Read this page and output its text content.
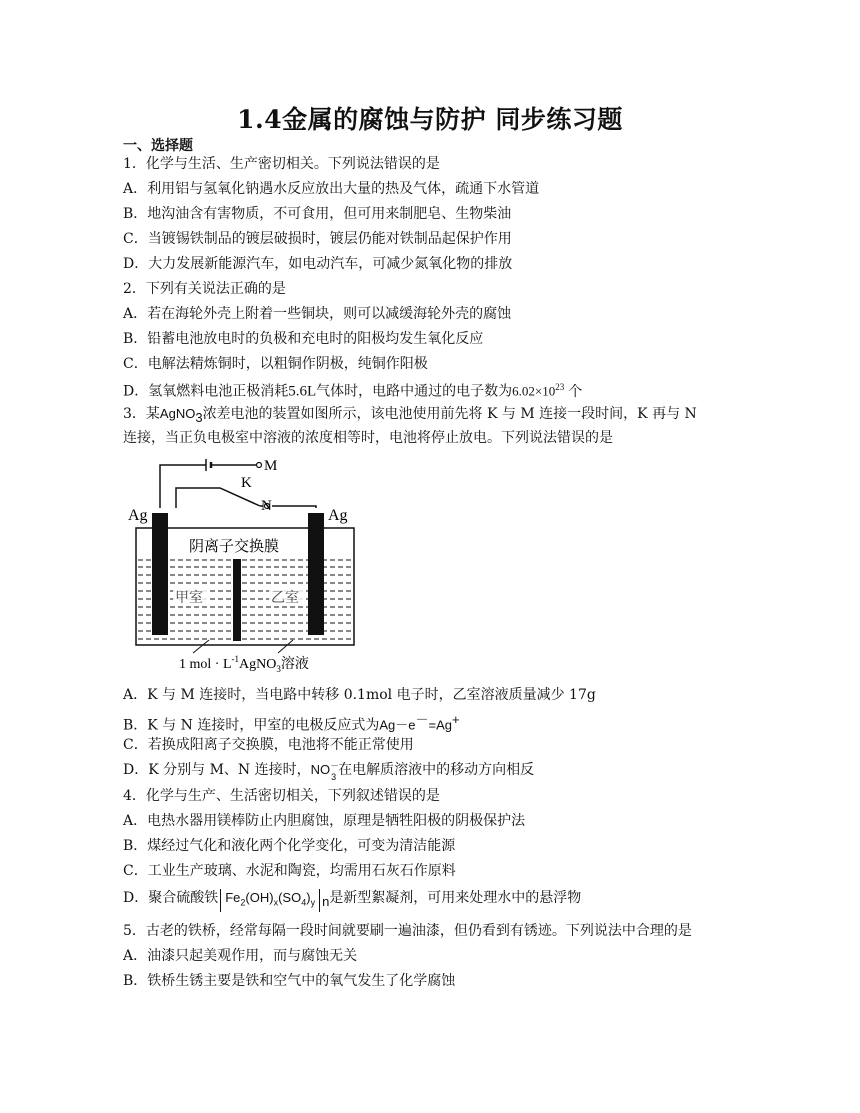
1.4金属的腐蚀与防护 同步练习题
一、选择题
1．化学与生活、生产密切相关。下列说法错误的是
A．利用铝与氢氧化钠遇水反应放出大量的热及气体，疏通下水管道
B．地沟油含有害物质，不可食用，但可用来制肥皂、生物柴油
C．当镀锡铁制品的镀层破损时，镀层仍能对铁制品起保护作用
D．大力发展新能源汽车，如电动汽车，可减少氮氧化物的排放
2．下列有关说法正确的是
A．若在海轮外壳上附着一些铜块，则可以减缓海轮外壳的腐蚀
B．铅蓄电池放电时的负极和充电时的阳极均发生氧化反应
C．电解法精炼铜时，以粗铜作阴极，纯铜作阳极
D．氢氧燃料电池正极消耗5.6L气体时，电路中通过的电子数为$6.02\times 10^{23}$ 个
3．某AgNO$_3$浓差电池的装置如图所示，该电池使用前先将 K 与 M 连接一段时间，K 再与 N
连接，当正负电极室中溶液的浓度相等时，电池将停止放电。下列说法错误的是
M
K
N
Ag	Ag
阴离子交换膜
甲室	乙室
1 mol · $L^{-1}AgNO_3$溶液
A．K 与 M 连接时，当电路中转移 0.1mol 电子时，乙室溶液质量减少 17g
B．K 与 N 连接时，甲室的电极反应式为Ag－e－=Ag+
C．若换成阳离子交换膜，电池将不能正常使用
D．K 分别与 M、N 连接时，NO －
3 在电解质溶液中的移动方向相反
4．化学与生产、生活密切相关，下列叙述错误的是
A．电热水器用镁棒防止内胆腐蚀，原理是牺牲阳极的阴极保护法
B．煤经过气化和液化两个化学变化，可变为清洁能源
C．工业生产玻璃、水泥和陶瓷，均需用石灰石作原料
D．聚合硫酸铁 $Fe_2(OH)_x(SO_4)_y$ $_n$是新型絮凝剂，可用来处理水中的悬浮物
5．古老的铁桥，经常每隔一段时间就要刷一遍油漆，但仍看到有锈迹。下列说法中合理的是
A．油漆只起美观作用，而与腐蚀无关
B．铁桥生锈主要是铁和空气中的氧气发生了化学腐蚀
